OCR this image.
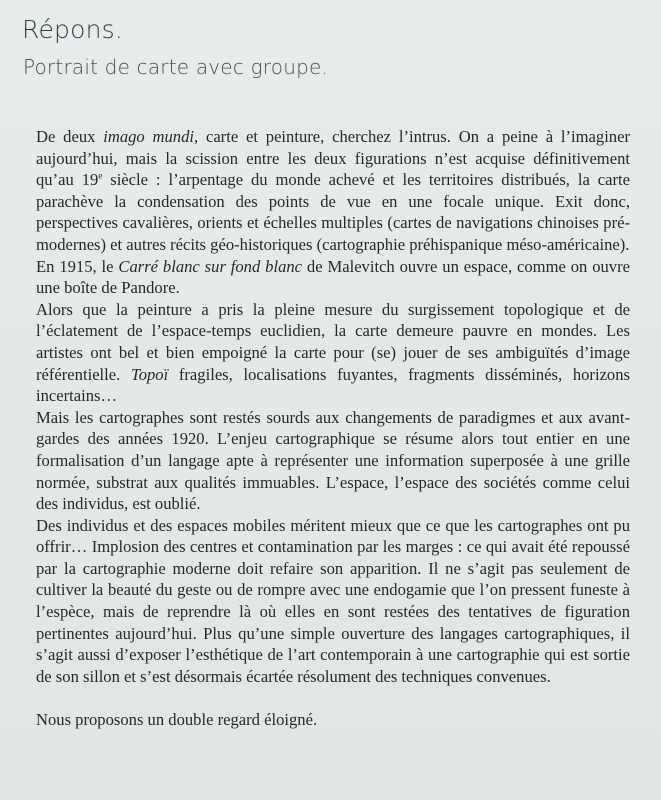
Répons.
Portrait de carte avec groupe.

De deux imago mundi, carte et peinture, cherchez l’intrus. On a peine à l’imaginer aujourd’hui, mais la scission entre les deux figurations n’est acquise définitivement qu’au 19e siècle : l’arpentage du monde achevé et les territoires distribués, la carte parachève la condensation des points de vue en une focale unique. Exit donc, perspectives cavalières, orients et échelles multiples (cartes de navigations chinoises pré-modernes) et autres récits géo-historiques (cartographie préhispanique méso-américaine).

En 1915, le Carré blanc sur fond blanc de Malevitch ouvre un espace, comme on ouvre une boîte de Pandore.

Alors que la peinture a pris la pleine mesure du surgissement topologique et de l’éclatement de l’espace-temps euclidien, la carte demeure pauvre en mondes. Les artistes ont bel et bien empoigné la carte pour (se) jouer de ses ambiguïtés d’image référentielle. Topoï fragiles, localisations fuyantes, fragments disséminés, horizons incertains…

Mais les cartographes sont restés sourds aux changements de paradigmes et aux avant-gardes des années 1920. L’enjeu cartographique se résume alors tout entier en une formalisation d’un langage apte à représenter une information superposée à une grille normée, substrat aux qualités immuables. L’espace, l’espace des sociétés comme celui des individus, est oublié.

Des individus et des espaces mobiles méritent mieux que ce que les cartographes ont pu offrir… Implosion des centres et contamination par les marges : ce qui avait été repoussé par la cartographie moderne doit refaire son apparition. Il ne s’agit pas seulement de cultiver la beauté du geste ou de rompre avec une endogamie que l’on pressent funeste à l’espèce, mais de reprendre là où elles en sont restées des tentatives de figuration pertinentes aujourd’hui. Plus qu’une simple ouverture des langages cartographiques, il s’agit aussi d’exposer l’esthétique de l’art contemporain à une cartographie qui est sortie de son sillon et s’est désormais écartée résolument des techniques convenues.

Nous proposons un double regard éloigné.
